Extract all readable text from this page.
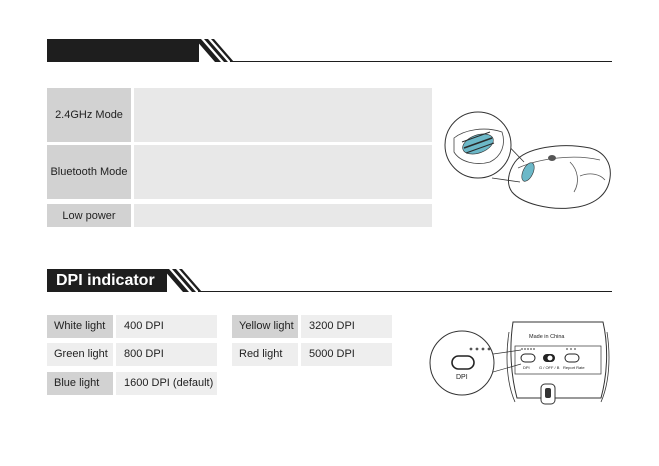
2.4GHz Mode
Bluetooth Mode
Low power
DPI indicator
White light	400 DPI
Green light	800 DPI
Blue light	1600 DPI (default)
Yellow light	3200 DPI
Red light	5000 DPI
Made in China
DPI G / OFF / B Report Rate
DPI
